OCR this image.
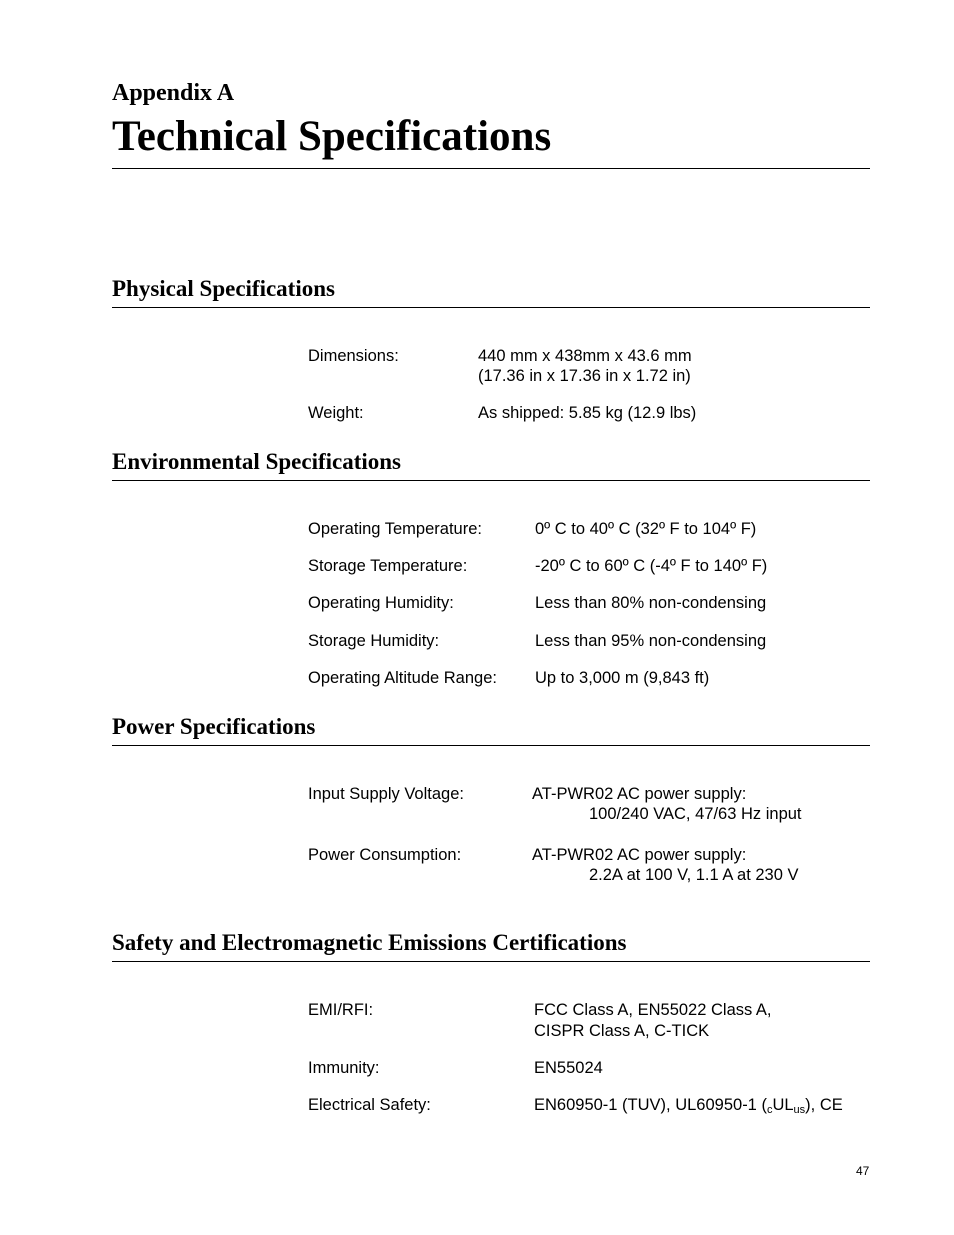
Appendix A
Technical Specifications
Physical Specifications
Dimensions:	440 mm x 438mm x 43.6 mm
(17.36 in x 17.36 in x 1.72 in)
Weight:	As shipped: 5.85 kg (12.9 lbs)
Environmental Specifications
Operating Temperature:	0º C to 40º C (32º F to 104º F)
Storage Temperature:	-20º C to 60º C (-4º F to 140º F)
Operating Humidity:	Less than 80% non-condensing
Storage Humidity:	Less than 95% non-condensing
Operating Altitude Range: Up to 3,000 m (9,843 ft)
Power Specifications
Input Supply Voltage:	AT-PWR02 AC power supply:
100/240 VAC, 47/63 Hz input
Power Consumption:	AT-PWR02 AC power supply:
2.2A at 100 V, 1.1 A at 230 V
Safety and Electromagnetic Emissions Certifications
EMI/RFI:	FCC Class A, EN55022 Class A,
CISPR Class A, C-TICK
Immunity:	EN55024
Electrical Safety:	EN60950-1 (TUV), UL60950-1 $(_cUL_{us})$, CE
47
